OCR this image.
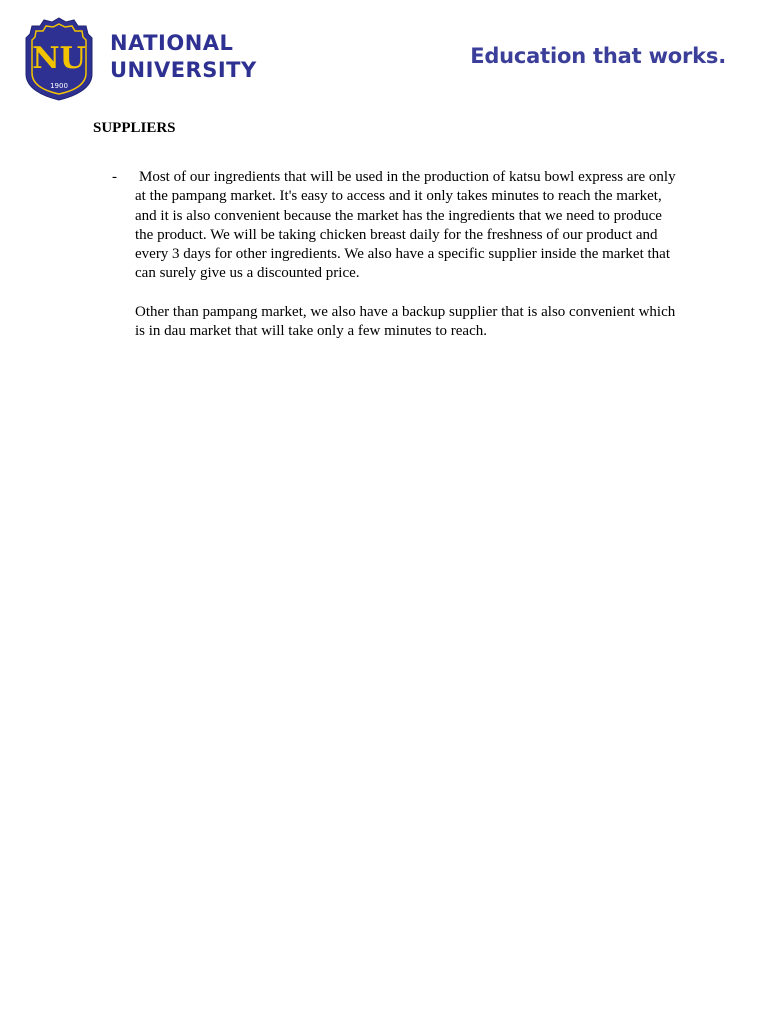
NU
1900
NATIONAL
UNIVERSITY
Education that works.
SUPPLIERS
- Most of our ingredients that will be used in the production of katsu bowl express are only at the pampang market. It's easy to access and it only takes minutes to reach the market, and it is also convenient because the market has the ingredients that we need to produce the product. We will be taking chicken breast daily for the freshness of our product and every 3 days for other ingredients. We also have a specific supplier inside the market that can surely give us a discounted price.

Other than pampang market, we also have a backup supplier that is also convenient which is in dau market that will take only a few minutes to reach.
